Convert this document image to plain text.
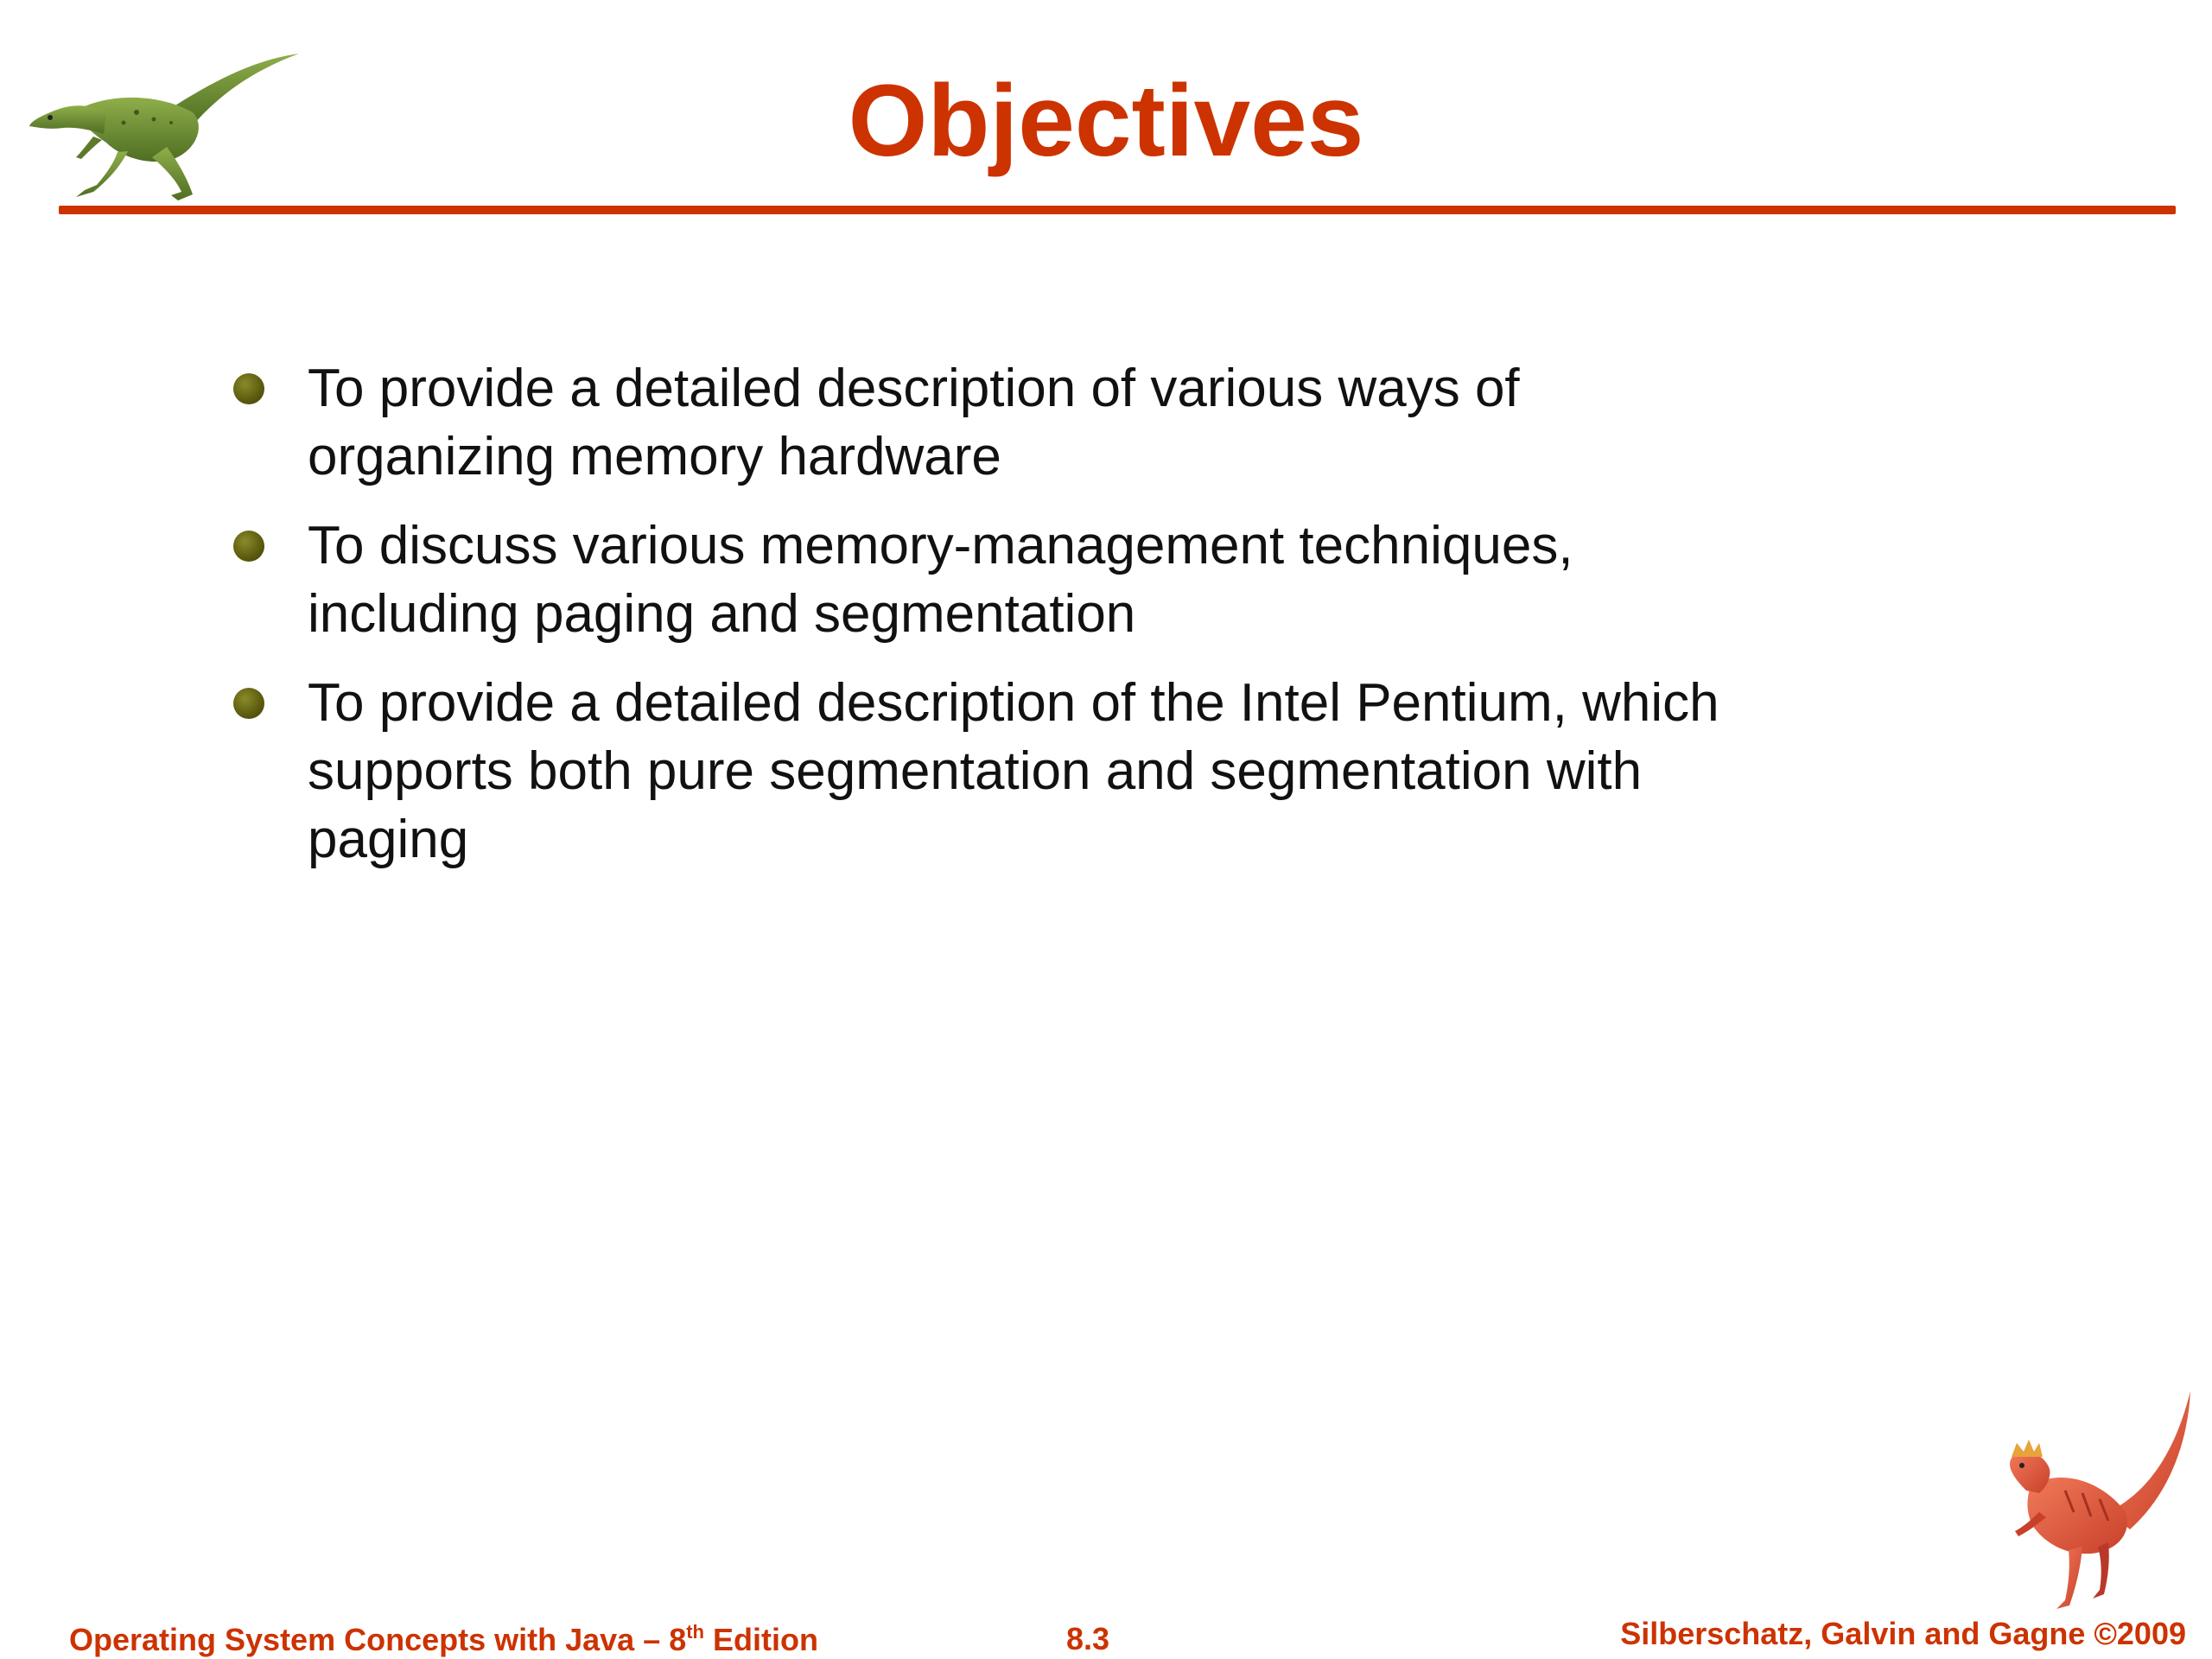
Objectives
To provide a detailed description of various ways of
organizing memory hardware
To discuss various memory-management techniques,
including paging and segmentation
To provide a detailed description of the Intel Pentium, which
supports both pure segmentation and segmentation with
paging
Operating System Concepts with Java – 8th Edition	8.3	Silberschatz, Galvin and Gagne ©2009
